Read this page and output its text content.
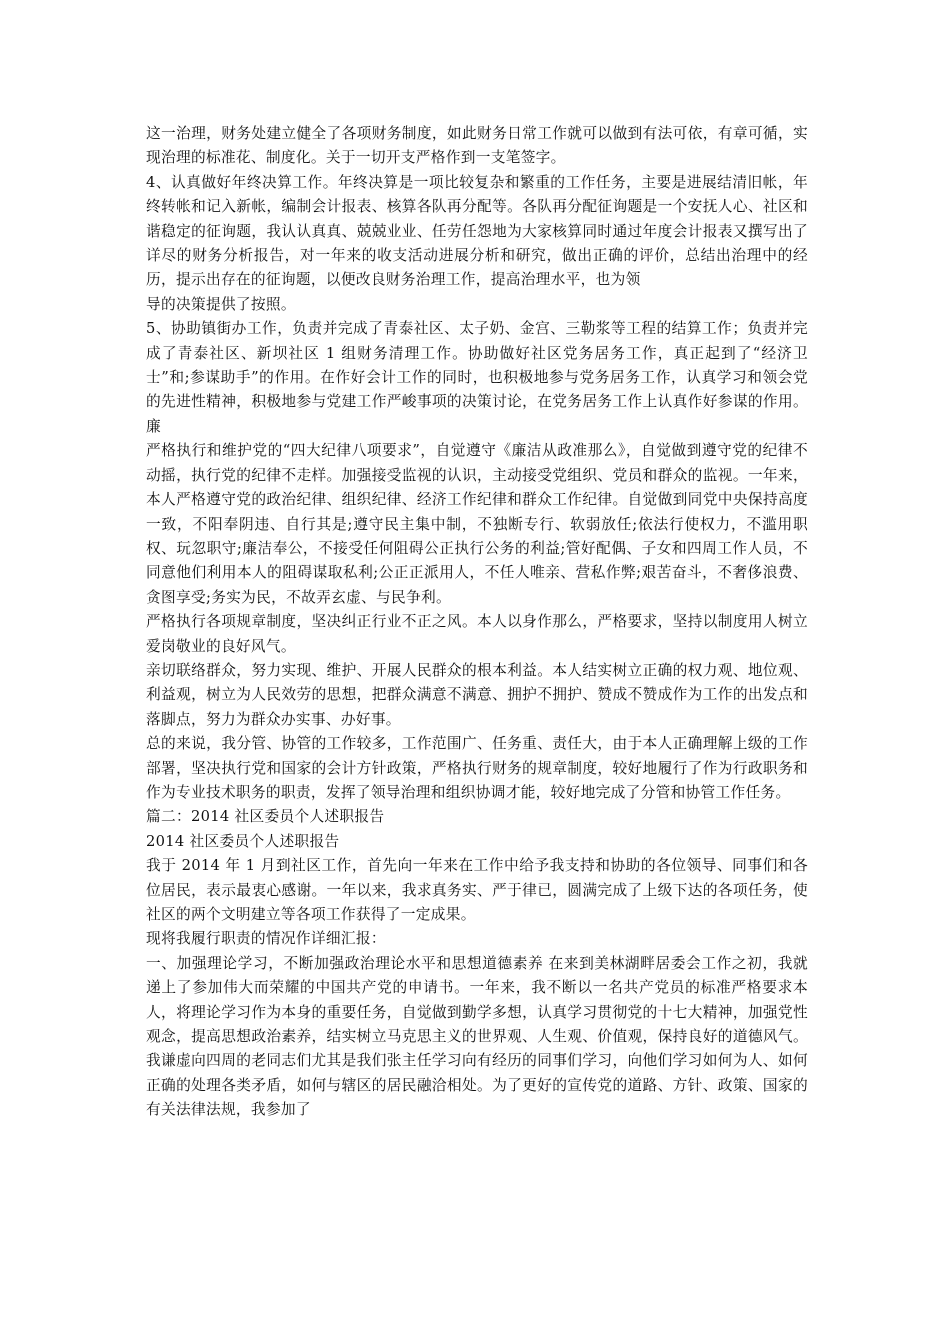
这一治理，财务处建立健全了各项财务制度，如此财务日常工作就可以做到有法可依，有章可循，实现治理的标准花、制度化。关于一切开支严格作到一支笔签字。

4、认真做好年终决算工作。年终决算是一项比较复杂和繁重的工作任务，主要是进展结清旧帐，年终转帐和记入新帐，编制会计报表、核算各队再分配等。各队再分配征询题是一个安抚人心、社区和谐稳定的征询题，我认认真真、兢兢业业、任劳任怨地为大家核算同时通过年度会计报表又撰写出了详尽的财务分析报告，对一年来的收支活动进展分析和研究，做出正确的评价，总结出治理中的经历，提示出存在的征询题，以便改良财务治理工作，提高治理水平，也为领

导的决策提供了按照。

5、协助镇街办工作，负责并完成了青泰社区、太子奶、金宫、三勒浆等工程的结算工作；负责并完成了青泰社区、新坝社区 1 组财务清理工作。协助做好社区党务居务工作，真正起到了“经济卫士”和;参谋助手”的作用。在作好会计工作的同时，也积极地参与党务居务工作，认真学习和领会党的先进性精神，积极地参与党建工作严峻事项的决策讨论，在党务居务工作上认真作好参谋的作用。 廉

严格执行和维护党的“四大纪律八项要求”，自觉遵守《廉洁从政准那么》，自觉做到遵守党的纪律不动摇，执行党的纪律不走样。加强接受监视的认识，主动接受党组织、党员和群众的监视。一年来，本人严格遵守党的政治纪律、组织纪律、经济工作纪律和群众工作纪律。自觉做到同党中央保持高度一致，不阳奉阴违、自行其是;遵守民主集中制，不独断专行、软弱放任;依法行使权力，不滥用职权、玩忽职守;廉洁奉公，不接受任何阻碍公正执行公务的利益;管好配偶、子女和四周工作人员，不同意他们利用本人的阻碍谋取私利;公正正派用人，不任人唯亲、营私作弊;艰苦奋斗，不奢侈浪费、贪图享受;务实为民，不故弄玄虚、与民争利。

严格执行各项规章制度，坚决纠正行业不正之风。本人以身作那么，严格要求，坚持以制度用人树立爱岗敬业的良好风气。

亲切联络群众，努力实现、维护、开展人民群众的根本利益。本人结实树立正确的权力观、地位观、利益观，树立为人民效劳的思想，把群众满意不满意、拥护不拥护、赞成不赞成作为工作的出发点和落脚点，努力为群众办实事、办好事。

总的来说，我分管、协管的工作较多，工作范围广、任务重、责任大，由于本人正确理解上级的工作部署，坚决执行党和国家的会计方针政策，严格执行财务的规章制度，较好地履行了作为行政职务和作为专业技术职务的职责，发挥了领导治理和组织协调才能，较好地完成了分管和协管工作任务。

篇二：2014 社区委员个人述职报告

2014 社区委员个人述职报告

我于 2014 年 1 月到社区工作，首先向一年来在工作中给予我支持和协助的各位领导、同事们和各位居民，表示最衷心感谢。一年以来，我求真务实、严于律已，圆满完成了上级下达的各项任务，使社区的两个文明建立等各项工作获得了一定成果。

现将我履行职责的情况作详细汇报：

一、加强理论学习，不断加强政治理论水平和思想道德素养 在来到美林湖畔居委会工作之初，我就递上了参加伟大而荣耀的中国共产党的申请书。一年来，我不断以一名共产党员的标准严格要求本人，将理论学习作为本身的重要任务，自觉做到勤学多想，认真学习贯彻党的十七大精神，加强党性观念，提高思想政治素养，结实树立马克思主义的世界观、人生观、价值观，保持良好的道德风气。我谦虚向四周的老同志们尤其是我们张主任学习向有经历的同事们学习，向他们学习如何为人、如何正确的处理各类矛盾，如何与辖区的居民融洽相处。为了更好的宣传党的道路、方针、政策、国家的有关法律法规，我参加了
